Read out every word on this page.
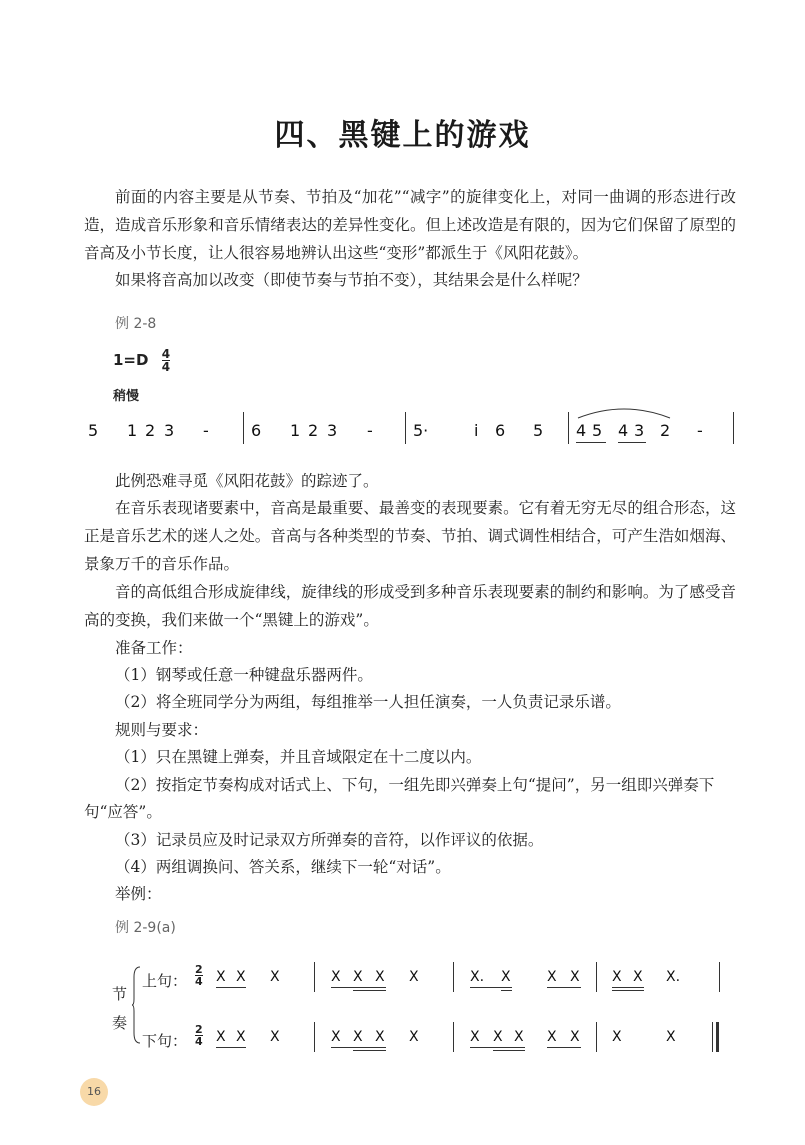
四、黑键上的游戏

前面的内容主要是从节奏、节拍及“加花”“减字”的旋律变化上，对同一曲调的形态进行改造，造成音乐形象和音乐情绪表达的差异性变化。但上述改造是有限的，因为它们保留了原型的音高及小节长度，让人很容易地辨认出这些“变形”都派生于《风阳花鼓》。

如果将音高加以改变（即使节奏与节拍不变），其结果会是什么样呢？

例 2-8
$1=D \frac{4}{4}$
稍慢
5 1 2 3 -	6 1 2 3 -	5·	i 6 5 4 5 4 3 2 -

此例恐难寻觅《风阳花鼓》的踪迹了。

在音乐表现诸要素中，音高是最重要、最善变的表现要素。它有着无穷无尽的组合形态，这正是音乐艺术的迷人之处。音高与各种类型的节奏、节拍、调式调性相结合，可产生浩如烟海、景象万千的音乐作品。

音的高低组合形成旋律线，旋律线的形成受到多种音乐表现要素的制约和影响。为了感受音高的变换，我们来做一个“黑键上的游戏”。

准备工作：
（1）钢琴或任意一种键盘乐器两件。
（2）将全班同学分为两组，每组推举一人担任演奏，一人负责记录乐谱。
规则与要求：
（1）只在黑键上弹奏，并且音域限定在十二度以内。
（2）按指定节奏构成对话式上、下句，一组先即兴弹奏上句“提问”，另一组即兴弹奏下
句“应答”。
（3）记录员应及时记录双方所弹奏的音符，以作评议的依据。
（4）两组调换问、答关系，继续下一轮“对话”。
举例：
例 2-9(a)
节
奏
上句：
下句：
$\frac{2}{4}$
$\frac{2}{4}$
X X X	X X X X	X. X	X X X X X.
X X X	X X X X	X X X X X X	X
16
